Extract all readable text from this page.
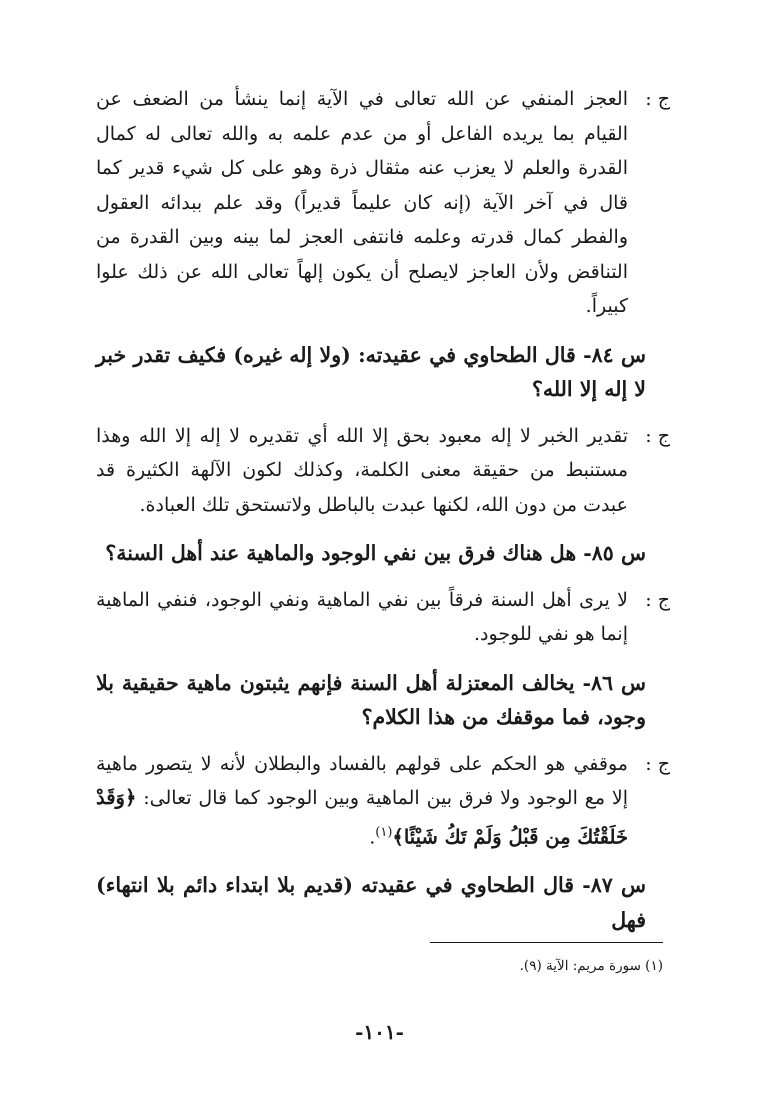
ج :
العجز المنفي عن الله تعالى في الآية إنما ينشأ من الضعف عن القيام بما يريده الفاعل أو من عدم علمه به والله تعالى له كمال القدرة والعلم لا يعزب عنه مثقال ذرة وهو على كل شيء قدير كما قال في آخر الآية (إنه كان عليماً قديراً) وقد علم ببدائه العقول والفطر كمال قدرته وعلمه فانتفى العجز لما بينه وبين القدرة من التناقض ولأن العاجز لايصلح أن يكون إلهاً تعالى الله عن ذلك علوا كبيراً.
س ٨٤- قال الطحاوي في عقيدته: (ولا إله غيره) فكيف تقدر خبر لا إله إلا الله؟
ج :
تقدير الخبر لا إله معبود بحق إلا الله أي تقديره لا إله إلا الله وهذا مستنبط من حقيقة معنى الكلمة، وكذلك لكون الآلهة الكثيرة قد عبدت من دون الله، لكنها عبدت بالباطل ولاتستحق تلك العبادة.
س ٨٥- هل هناك فرق بين نفي الوجود والماهية عند أهل السنة؟
ج :
لا يرى أهل السنة فرقاً بين نفي الماهية ونفي الوجود، فنفي الماهية إنما هو نفي للوجود.
س ٨٦- يخالف المعتزلة أهل السنة فإنهم يثبتون ماهية حقيقية بلا وجود، فما موقفك من هذا الكلام؟
ج :
موقفي هو الحكم على قولهم بالفساد والبطلان لأنه لا يتصور ماهية إلا مع الوجود ولا فرق بين الماهية وبين الوجود كما قال تعالى: ﴿وَقَدْ خَلَقْتُكَ مِن قَبْلُ وَلَمْ تَكُ شَيْئًا﴾$^{(١)}$.
س ٨٧- قال الطحاوي في عقيدته (قديم بلا ابتداء دائم بلا انتهاء) فهل
(١) سورة مريم: الآية (٩).
-١٠١-
